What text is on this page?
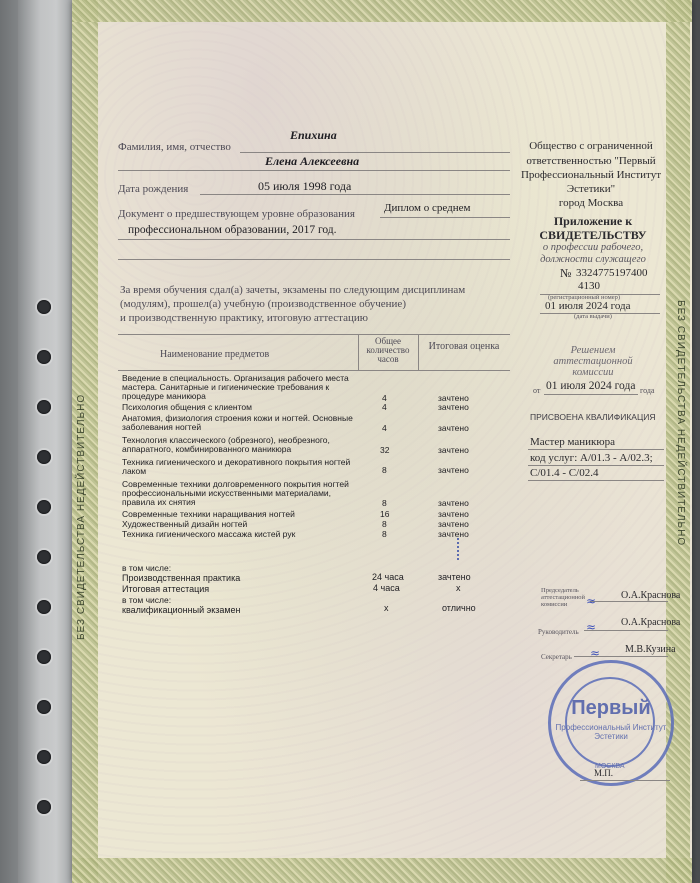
БЕЗ СВИДЕТЕЛЬСТВА НЕДЕЙСТВИТЕЛЬНО	БЕЗ СВИДЕТЕЛЬСТВА НЕДЕЙСТВИТЕЛЬНО
Епихина
Фамилия, имя, отчество
Елена Алексеевна
05 июля 1998 года
Дата рождения
Документ о предшествующем уровне образования	Диплом о среднем
профессиональном образовании, 2017 год.
За время обучения сдал(а) зачеты, экзамены по следующим дисциплинам
(модулям), прошел(а) учебную (производственное обучение)
и производственную практику, итоговую аттестацию
Наименование предметов
Общее количество часов
Итоговая оценка
Введение в специальность. Организация рабочего места мастера. Санитарные и гигиенические требования к процедуре маникюра	4	зачтено
Психология общения с клиентом	4	зачтено
Анатомия, физиология строения кожи и ногтей. Основные заболевания ногтей	4	зачтено
Технология классического (обрезного), необрезного, аппаратного, комбинированного маникюра	32	зачтено
Техника гигиенического и декоративного покрытия ногтей лаком	8	зачтено
Современные техники долговременного покрытия ногтей профессиональными искусственными материалами, правила их снятия	8	зачтено
Современные техники наращивания ногтей	16	зачтено
Художественный дизайн ногтей	8	зачтено
Техника гигиенического массажа кистей рук	8	зачтено
в том числе:
Производственная практика	24 часа	зачтено
Итоговая аттестация	4 часа	х
в том числе:
квалификационный экзамен	х	отлично
Общество с ограниченной
ответственностью "Первый
Профессиональный Институт
Эстетики"
город Москва
Приложение к
СВИДЕТЕЛЬСТВУ
о профессии рабочего,
должности служащего
№ 3324775197400
4130
(регистрационный номер)
01 июля 2024 года
(дата выдачи)
Решением
аттестационной
комиссии
от 01 июля 2024 года года
ПРИСВОЕНА КВАЛИФИКАЦИЯ
Мастер маникюра
код услуг: А/01.3 - А/02.3;
С/01.4 - С/02.4
Председатель аттестационной комиссии
О.А.Краснова
≈
Руководитель
О.А.Краснова
≈
Секретарь
М.В.Кузина
≈
Первый
Профессиональный Институт Эстетики
МОСКВА
М.П.
